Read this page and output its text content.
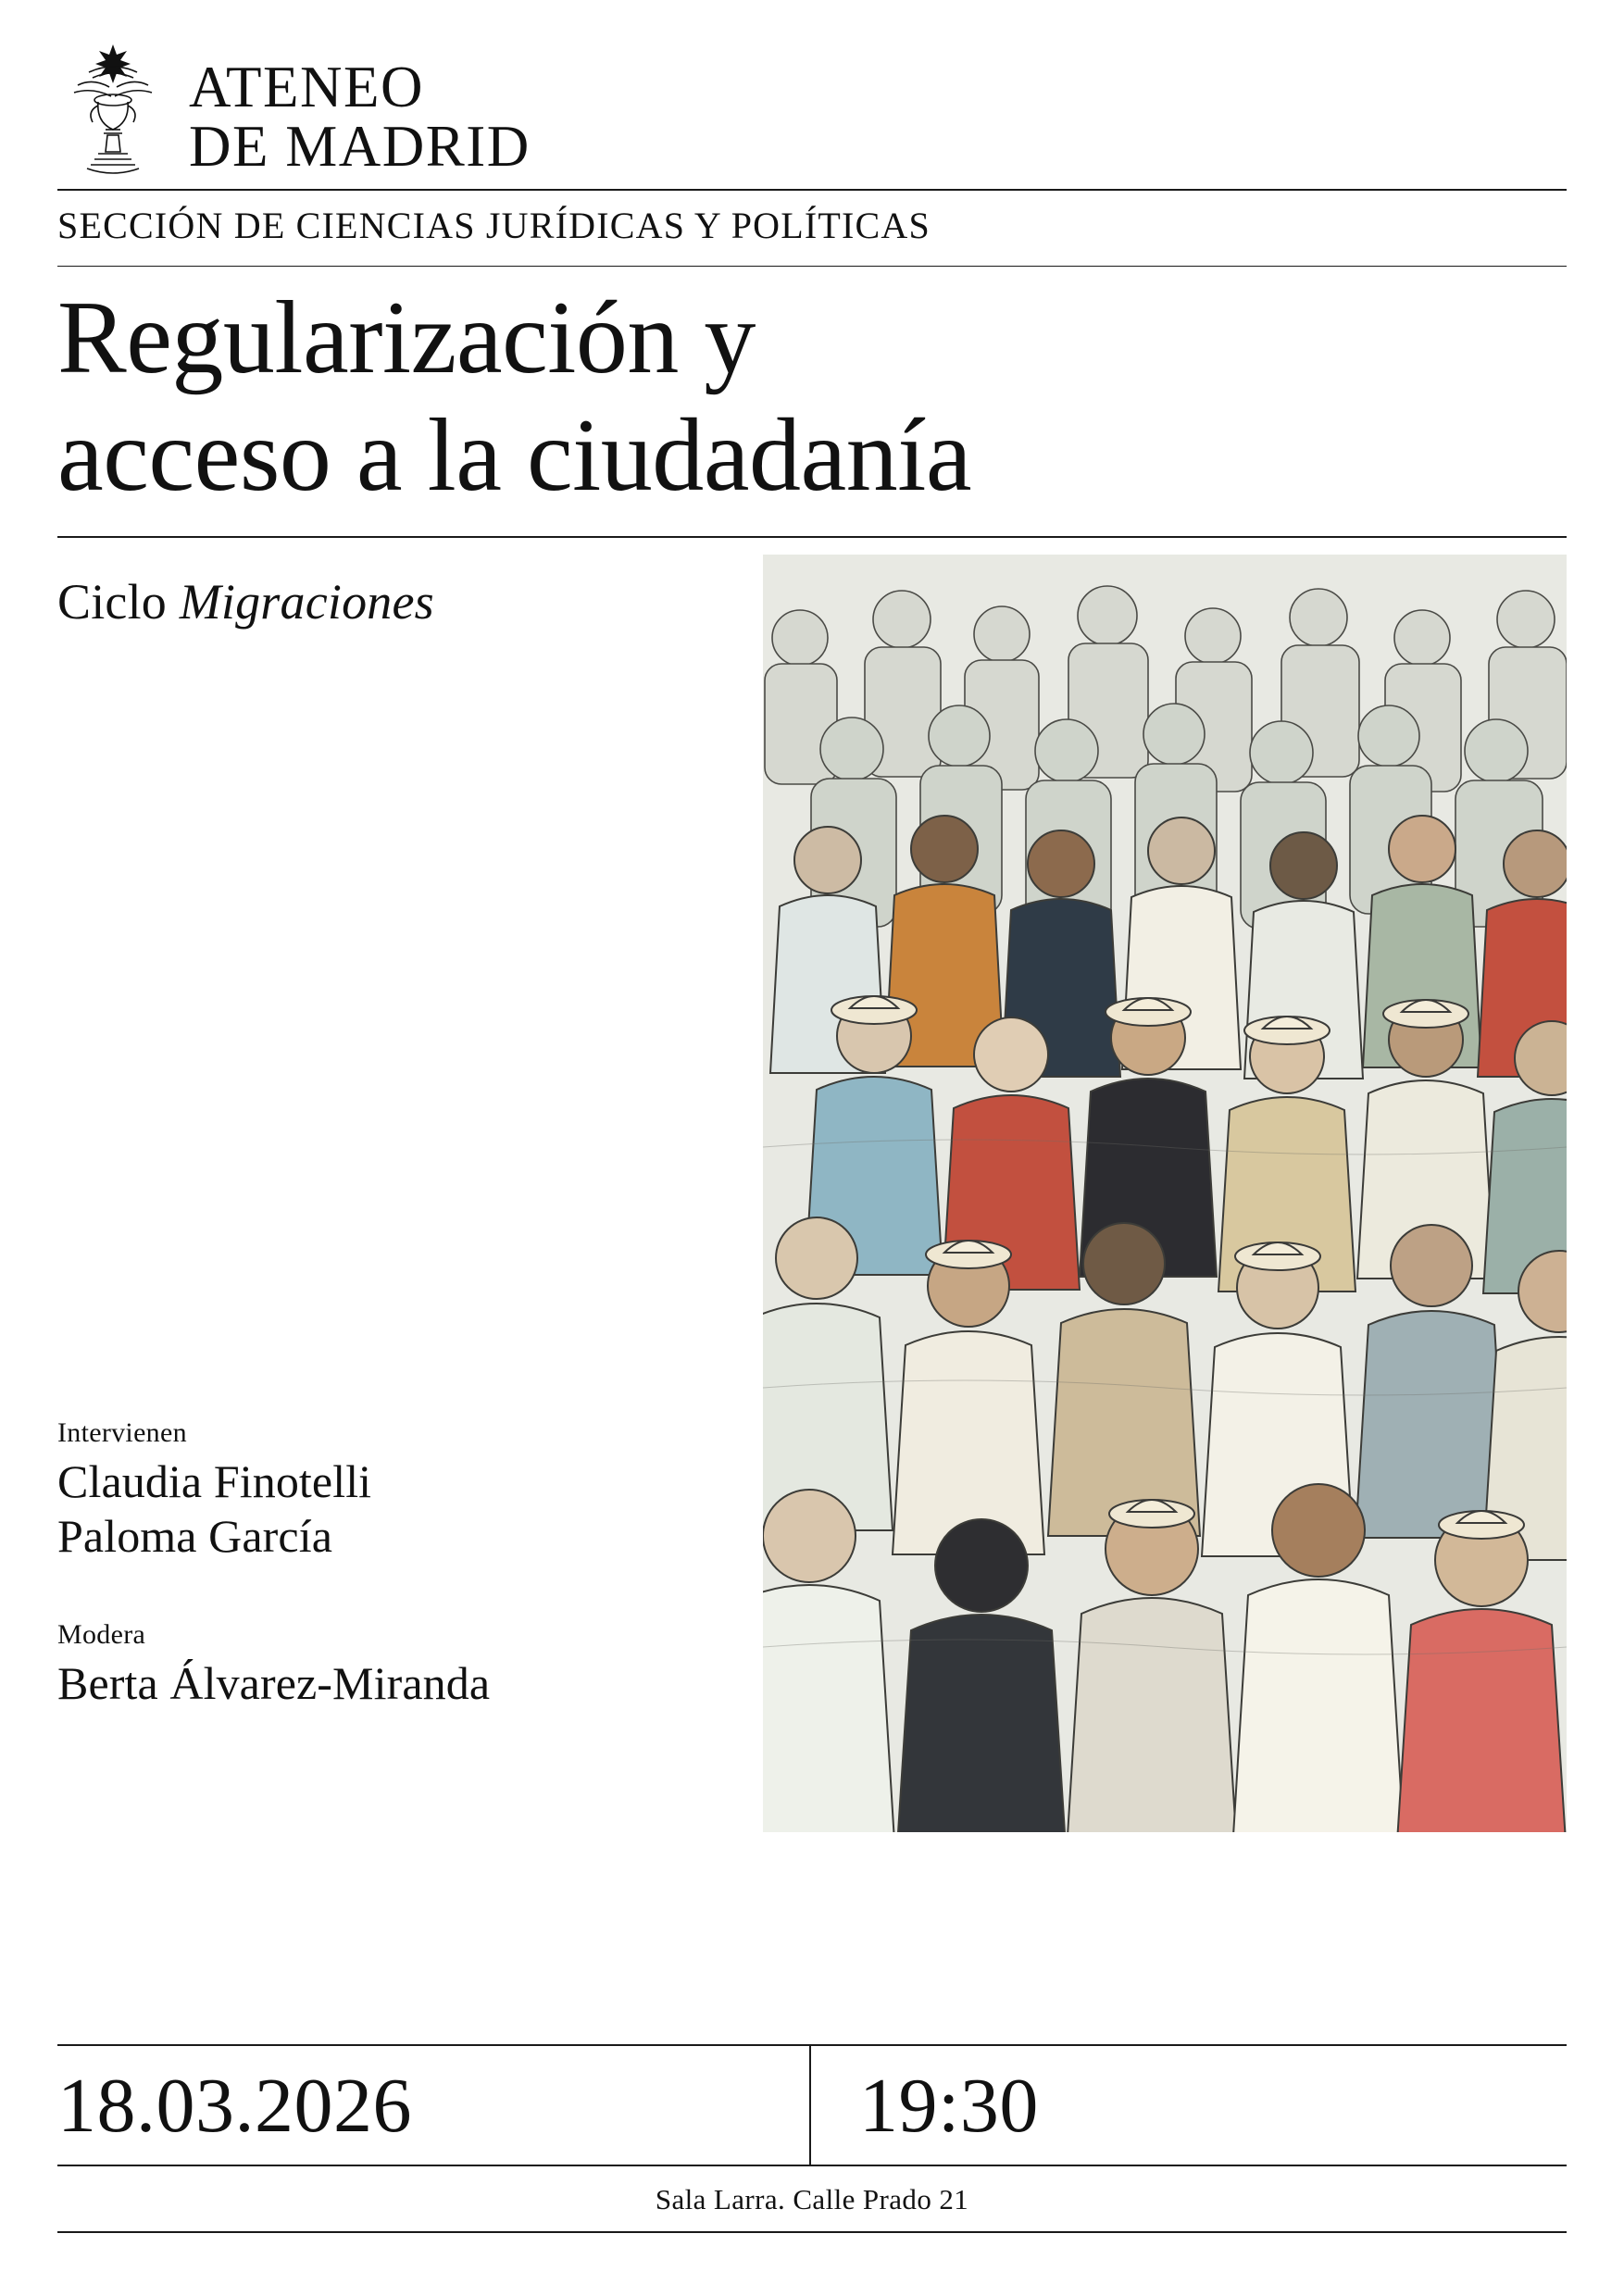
ATENEO
DE MADRID
SECCIÓN DE CIENCIAS JURÍDICAS Y POLÍTICAS
Regularización y
acceso a la ciudadanía
Ciclo Migraciones
Intervienen
Claudia Finotelli
Paloma García
Modera
Berta Álvarez-Miranda
18.03.2026	19:30
Sala Larra. Calle Prado 21
